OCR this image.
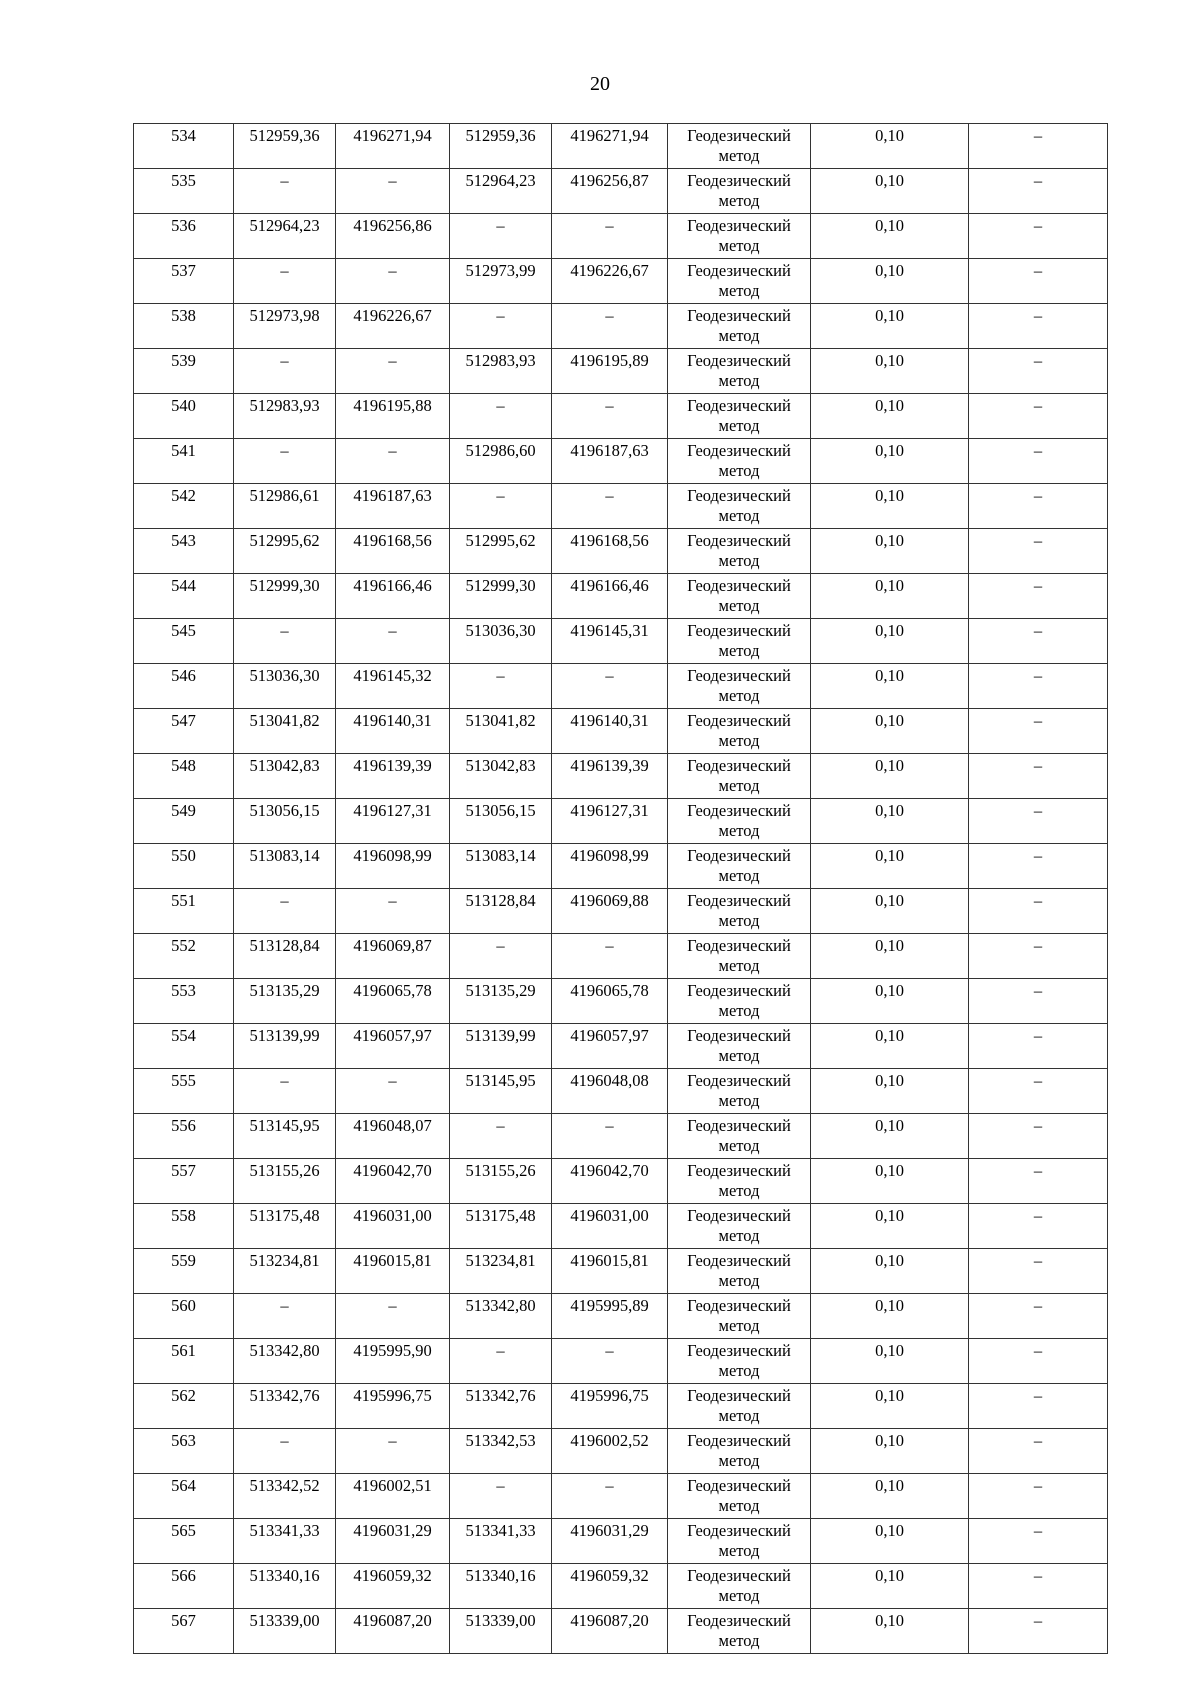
20
534	512959,36	4196271,94	512959,36	4196271,94	Геодезический
метод	0,10	–
535	–	–	512964,23	4196256,87	Геодезический
метод	0,10	–
536	512964,23	4196256,86	–	–	Геодезический
метод	0,10	–
537	–	–	512973,99	4196226,67	Геодезический
метод	0,10	–
538	512973,98	4196226,67	–	–	Геодезический
метод	0,10	–
539	–	–	512983,93	4196195,89	Геодезический
метод	0,10	–
540	512983,93	4196195,88	–	–	Геодезический
метод	0,10	–
541	–	–	512986,60	4196187,63	Геодезический
метод	0,10	–
542	512986,61	4196187,63	–	–	Геодезический
метод	0,10	–
543	512995,62	4196168,56	512995,62	4196168,56	Геодезический
метод	0,10	–
544	512999,30	4196166,46	512999,30	4196166,46	Геодезический
метод	0,10	–
545	–	–	513036,30	4196145,31	Геодезический
метод	0,10	–
546	513036,30	4196145,32	–	–	Геодезический
метод	0,10	–
547	513041,82	4196140,31	513041,82	4196140,31	Геодезический
метод	0,10	–
548	513042,83	4196139,39	513042,83	4196139,39	Геодезический
метод	0,10	–
549	513056,15	4196127,31	513056,15	4196127,31	Геодезический
метод	0,10	–
550	513083,14	4196098,99	513083,14	4196098,99	Геодезический
метод	0,10	–
551	–	–	513128,84	4196069,88	Геодезический
метод	0,10	–
552	513128,84	4196069,87	–	–	Геодезический
метод	0,10	–
553	513135,29	4196065,78	513135,29	4196065,78	Геодезический
метод	0,10	–
554	513139,99	4196057,97	513139,99	4196057,97	Геодезический
метод	0,10	–
555	–	–	513145,95	4196048,08	Геодезический
метод	0,10	–
556	513145,95	4196048,07	–	–	Геодезический
метод	0,10	–
557	513155,26	4196042,70	513155,26	4196042,70	Геодезический
метод	0,10	–
558	513175,48	4196031,00	513175,48	4196031,00	Геодезический
метод	0,10	–
559	513234,81	4196015,81	513234,81	4196015,81	Геодезический
метод	0,10	–
560	–	–	513342,80	4195995,89	Геодезический
метод	0,10	–
561	513342,80	4195995,90	–	–	Геодезический
метод	0,10	–
562	513342,76	4195996,75	513342,76	4195996,75	Геодезический
метод	0,10	–
563	–	–	513342,53	4196002,52	Геодезический
метод	0,10	–
564	513342,52	4196002,51	–	–	Геодезический
метод	0,10	–
565	513341,33	4196031,29	513341,33	4196031,29	Геодезический
метод	0,10	–
566	513340,16	4196059,32	513340,16	4196059,32	Геодезический
метод	0,10	–
567	513339,00	4196087,20	513339,00	4196087,20	Геодезический
метод	0,10	–
